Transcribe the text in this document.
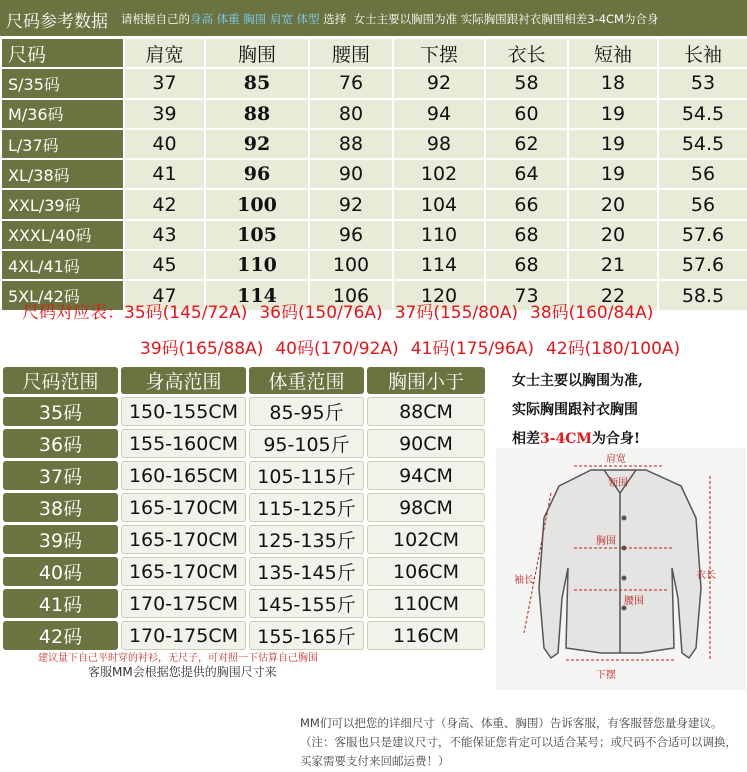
尺码参考数据 请根据自己的身高 体重 胸围 肩宽 体型 选择 女士主要以胸围为准 实际胸围跟衬衣胸围相差3-4CM为合身
尺码	肩宽	胸围	腰围	下摆	衣长	短袖	长袖
S/35码	37	85	76	92	58	18	53
M/36码	39	88	80	94	60	19	54.5
L/37码	40	92	88	98	62	19	54.5
XL/38码	41	96	90	102	64	19	56
XXL/39码	42	100	92	104	66	20	56
XXXL/40码	43	105	96	110	68	20	57.6
4XL/41码	45	110	100	114	68	21	57.6
5XL/42码	47	114	106	120	73	22	58.5
尺码对应表：35码(145/72A) 36码(150/76A) 37码(155/80A) 38码(160/84A)
39码(165/88A) 40码(170/92A) 41码(175/96A) 42码(180/100A)
尺码范围	身高范围	体重范围	胸围小于
35码	150-155CM	85-95斤	88CM
36码	155-160CM	95-105斤	90CM
37码	160-165CM	105-115斤	94CM
38码	165-170CM	115-125斤	98CM
39码	165-170CM	125-135斤	102CM
40码	165-170CM	135-145斤	106CM
41码	170-175CM	145-155斤	110CM
42码	170-175CM	155-165斤	116CM
女士主要以胸围为准,
实际胸围跟衬衣胸围
相差3-4CM为合身!
肩宽
领围
胸围
腰围
袖长	衣长
下摆
建议量下自己平时穿的衬衫，无尺子，可对照一下估算自己胸围
客服MM会根据您提供的胸围尺寸来
MM们可以把您的详细尺寸（身高、体重、胸围）告诉客服，有客服替您量身建议。（注：客服也只是建议尺寸，不能保证您肯定可以适合某号；或尺码不合适可以调换，买家需要支付来回邮运费！）
